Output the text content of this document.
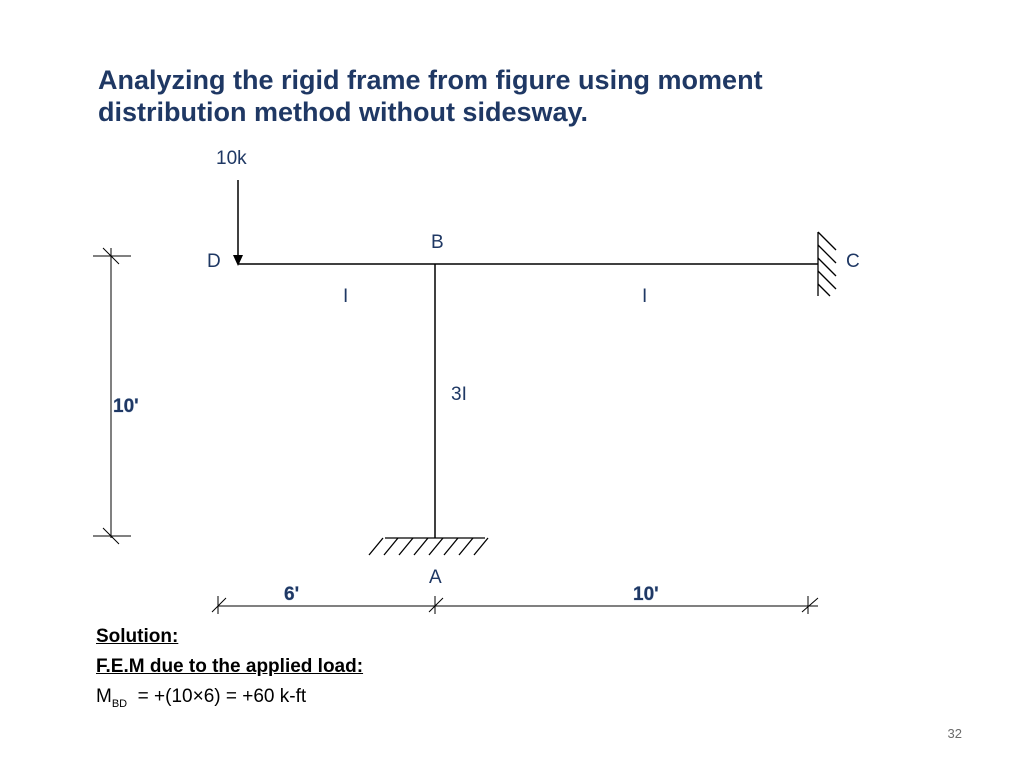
Analyzing the rigid frame from figure using moment
distribution method without sidesway.
10k
B
D	C
A
I	I
3I
10'
6'	10'
Solution:
F.E.M due to the applied load:
$M_{BD} = +(10\times 6) = +60$ k-ft
32
